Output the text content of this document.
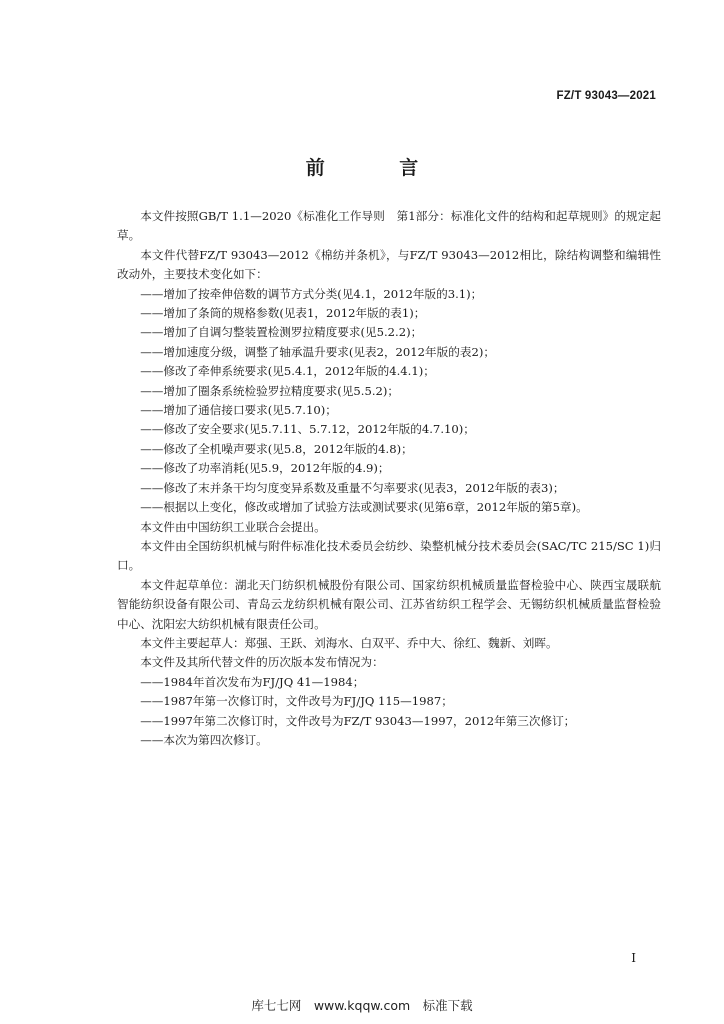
FZ/T 93043—2021
前 言

本文件按照GB/T 1.1—2020《标准化工作导则　第1部分：标准化文件的结构和起草规则》的规定起草。

本文件代替FZ/T 93043—2012《棉纺并条机》，与FZ/T 93043—2012相比，除结构调整和编辑性改动外，主要技术变化如下：

——增加了按牵伸倍数的调节方式分类(见4.1，2012年版的3.1)；

——增加了条筒的规格参数(见表1，2012年版的表1)；

——增加了自调匀整装置检测罗拉精度要求(见5.2.2)；

——增加速度分级，调整了轴承温升要求(见表2，2012年版的表2)；

——修改了牵伸系统要求(见5.4.1，2012年版的4.4.1)；

——增加了圈条系统检验罗拉精度要求(见5.5.2)；

——增加了通信接口要求(见5.7.10)；

——修改了安全要求(见5.7.11、5.7.12，2012年版的4.7.10)；

——修改了全机噪声要求(见5.8，2012年版的4.8)；

——修改了功率消耗(见5.9，2012年版的4.9)；

——修改了末并条干均匀度变异系数及重量不匀率要求(见表3，2012年版的表3)；

——根据以上变化，修改或增加了试验方法或测试要求(见第6章，2012年版的第5章)。

本文件由中国纺织工业联合会提出。

本文件由全国纺织机械与附件标准化技术委员会纺纱、染整机械分技术委员会(SAC/TC 215/SC 1)归口。

本文件起草单位：湖北天门纺织机械股份有限公司、国家纺织机械质量监督检验中心、陕西宝晟联航智能纺织设备有限公司、青岛云龙纺织机械有限公司、江苏省纺织工程学会、无锡纺织机械质量监督检验中心、沈阳宏大纺织机械有限责任公司。

本文件主要起草人：郑强、王跃、刘海水、白双平、乔中大、徐红、魏新、刘晖。

本文件及其所代替文件的历次版本发布情况为：

——1984年首次发布为FJ/JQ 41—1984；

——1987年第一次修订时，文件改号为FJ/JQ 115—1987；

——1997年第二次修订时，文件改号为FZ/T 93043—1997，2012年第三次修订；

——本次为第四次修订。

I
库七七网　www.kqqw.com　标准下载
